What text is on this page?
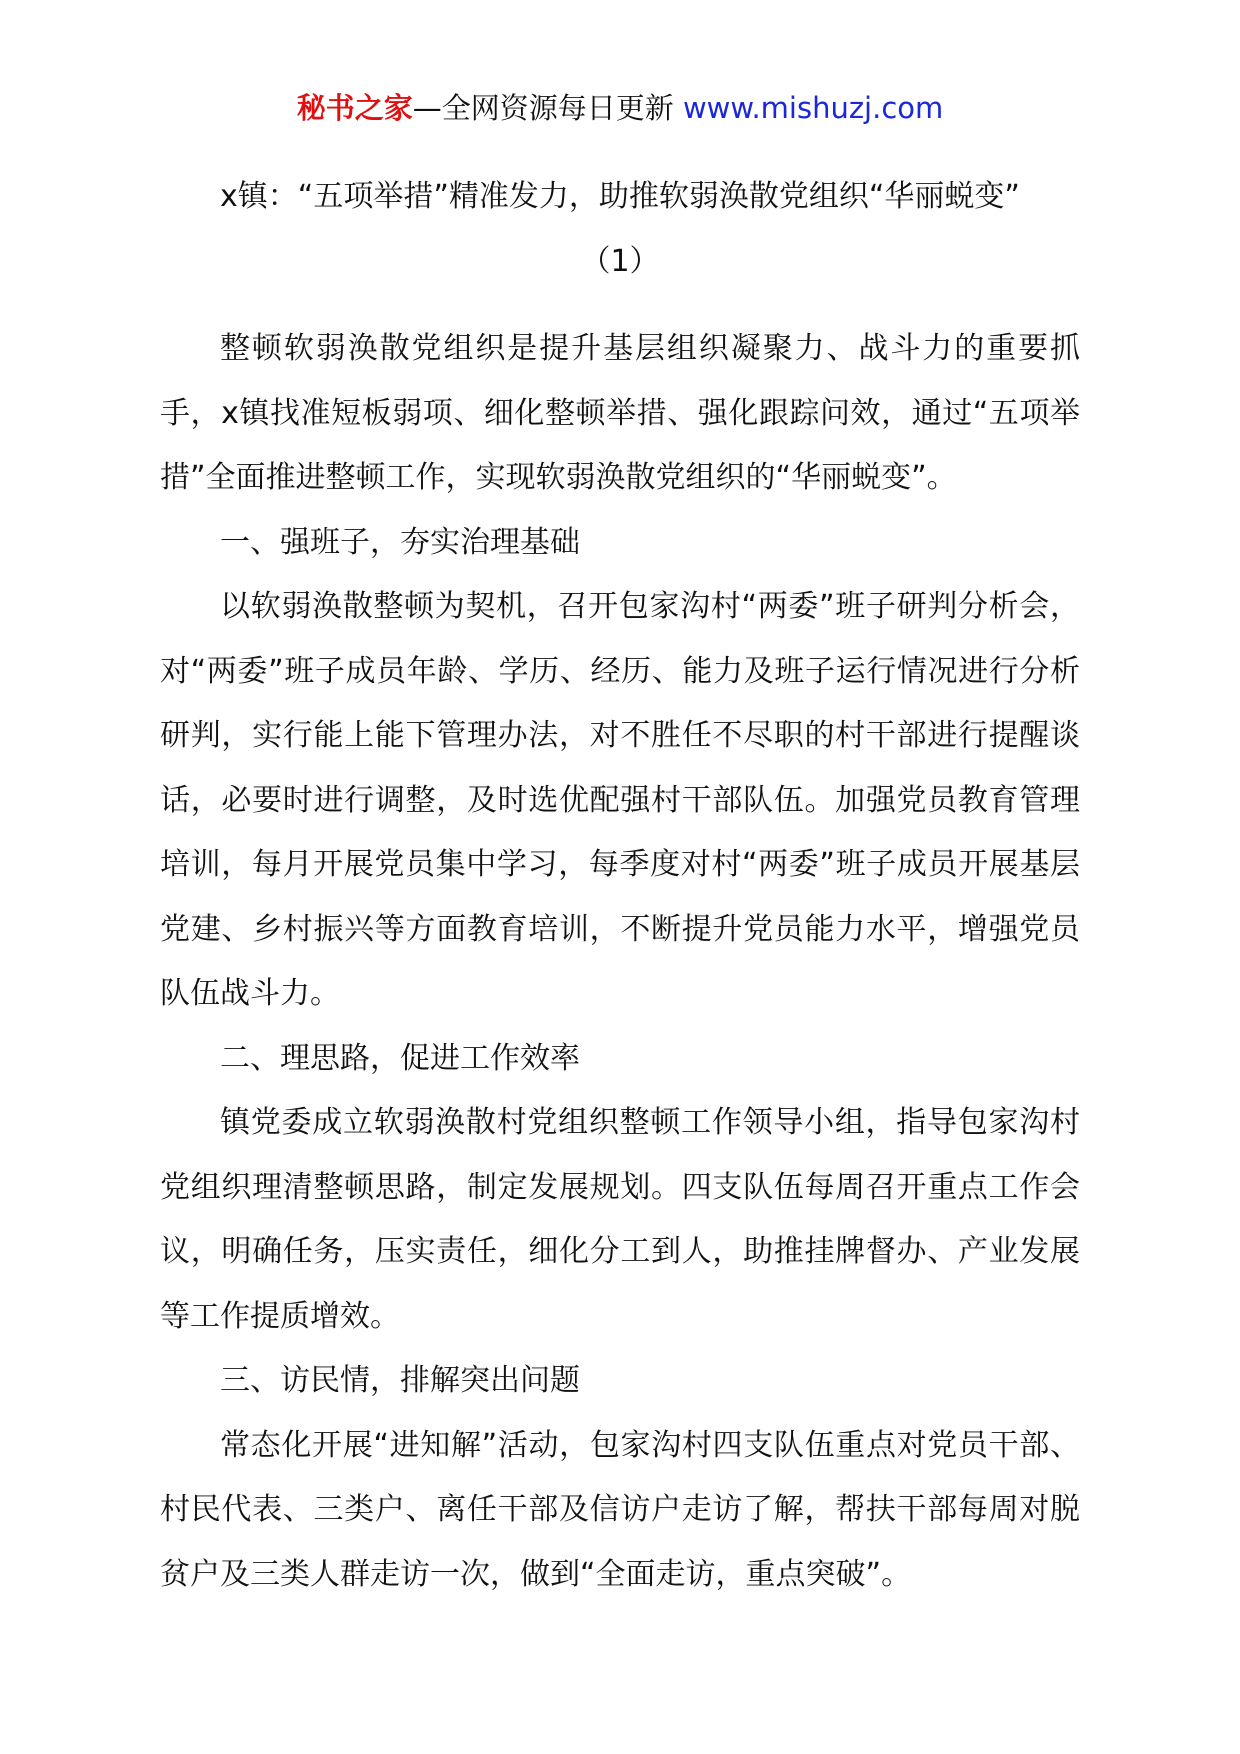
秘书之家—全网资源每日更新 www.mishuzj.com
x镇：“五项举措”精准发力，助推软弱涣散党组织“华丽蜕变”
（1）

整顿软弱涣散党组织是提升基层组织凝聚力、战斗力的重要抓手，x镇找准短板弱项、细化整顿举措、强化跟踪问效，通过“五项举措”全面推进整顿工作，实现软弱涣散党组织的“华丽蜕变”。

一、强班子，夯实治理基础

以软弱涣散整顿为契机，召开包家沟村“两委”班子研判分析会，对“两委”班子成员年龄、学历、经历、能力及班子运行情况进行分析研判，实行能上能下管理办法，对不胜任不尽职的村干部进行提醒谈话，必要时进行调整，及时选优配强村干部队伍。加强党员教育管理培训，每月开展党员集中学习，每季度对村“两委”班子成员开展基层党建、乡村振兴等方面教育培训，不断提升党员能力水平，增强党员队伍战斗力。

二、理思路，促进工作效率

镇党委成立软弱涣散村党组织整顿工作领导小组，指导包家沟村党组织理清整顿思路，制定发展规划。四支队伍每周召开重点工作会议，明确任务，压实责任，细化分工到人，助推挂牌督办、产业发展等工作提质增效。

三、访民情，排解突出问题

常态化开展“进知解”活动，包家沟村四支队伍重点对党员干部、村民代表、三类户、离任干部及信访户走访了解，帮扶干部每周对脱贫户及三类人群走访一次，做到“全面走访，重点突破”。
